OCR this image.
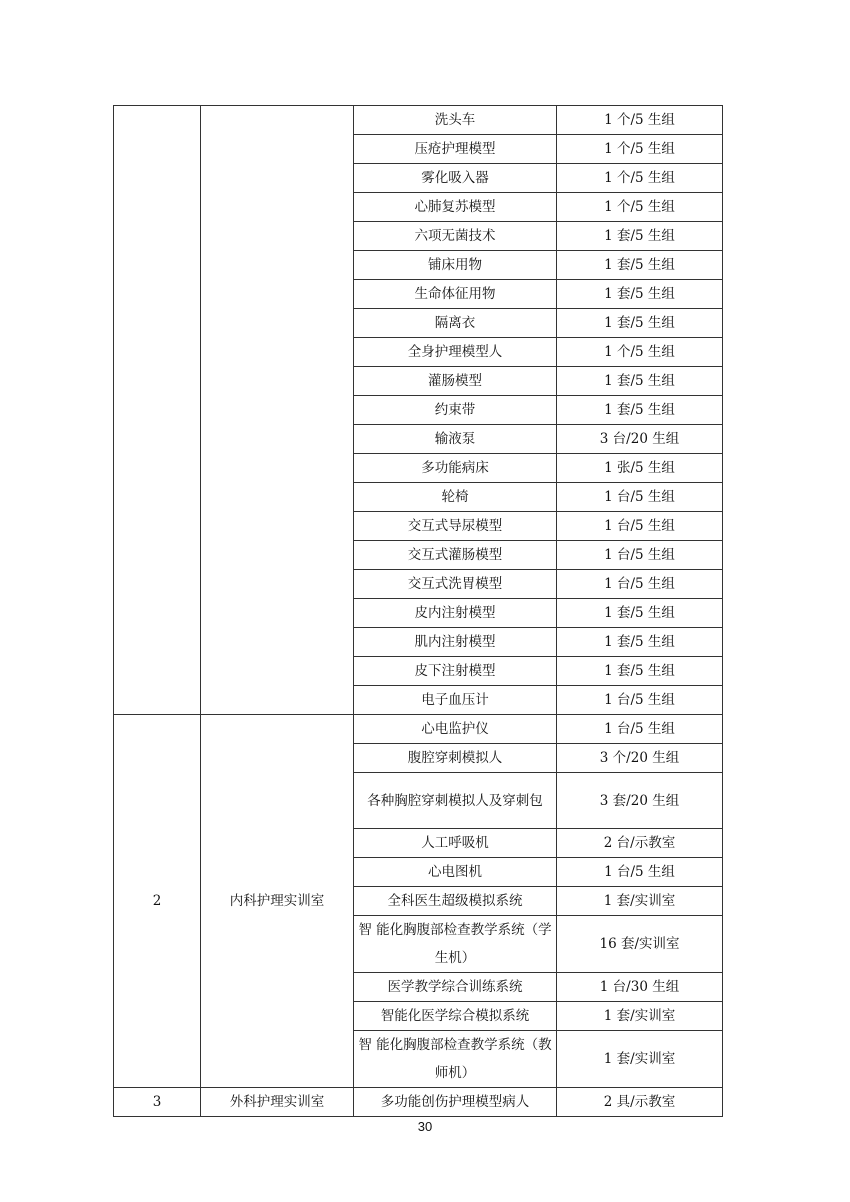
		洗头车	1 个/5 生组
		压疮护理模型	1 个/5 生组
		雾化吸入器	1 个/5 生组
		心肺复苏模型	1 个/5 生组
		六项无菌技术	1 套/5 生组
		铺床用物	1 套/5 生组
		生命体征用物	1 套/5 生组
		隔离衣	1 套/5 生组
		全身护理模型人	1 个/5 生组
		灌肠模型	1 套/5 生组
		约束带	1 套/5 生组
		输液泵	3 台/20 生组
		多功能病床	1 张/5 生组
		轮椅	1 台/5 生组
		交互式导尿模型	1 台/5 生组
		交互式灌肠模型	1 台/5 生组
		交互式洗胃模型	1 台/5 生组
		皮内注射模型	1 套/5 生组
		肌内注射模型	1 套/5 生组
		皮下注射模型	1 套/5 生组
		电子血压计	1 台/5 生组
2	内科护理实训室	心电监护仪	1 台/5 生组
		腹腔穿刺模拟人	3 个/20 生组
		各种胸腔穿刺模拟人及穿刺包	3 套/20 生组
		人工呼吸机	2 台/示教室
		心电图机	1 台/5 生组
		全科医生超级模拟系统	1 套/实训室
		智 能化胸腹部检查教学系统（学生机）	16 套/实训室
		医学教学综合训练系统	1 台/30 生组
		智能化医学综合模拟系统	1 套/实训室
		智 能化胸腹部检查教学系统（教师机）	1 套/实训室
3	外科护理实训室	多功能创伤护理模型病人	2 具/示教室
30
